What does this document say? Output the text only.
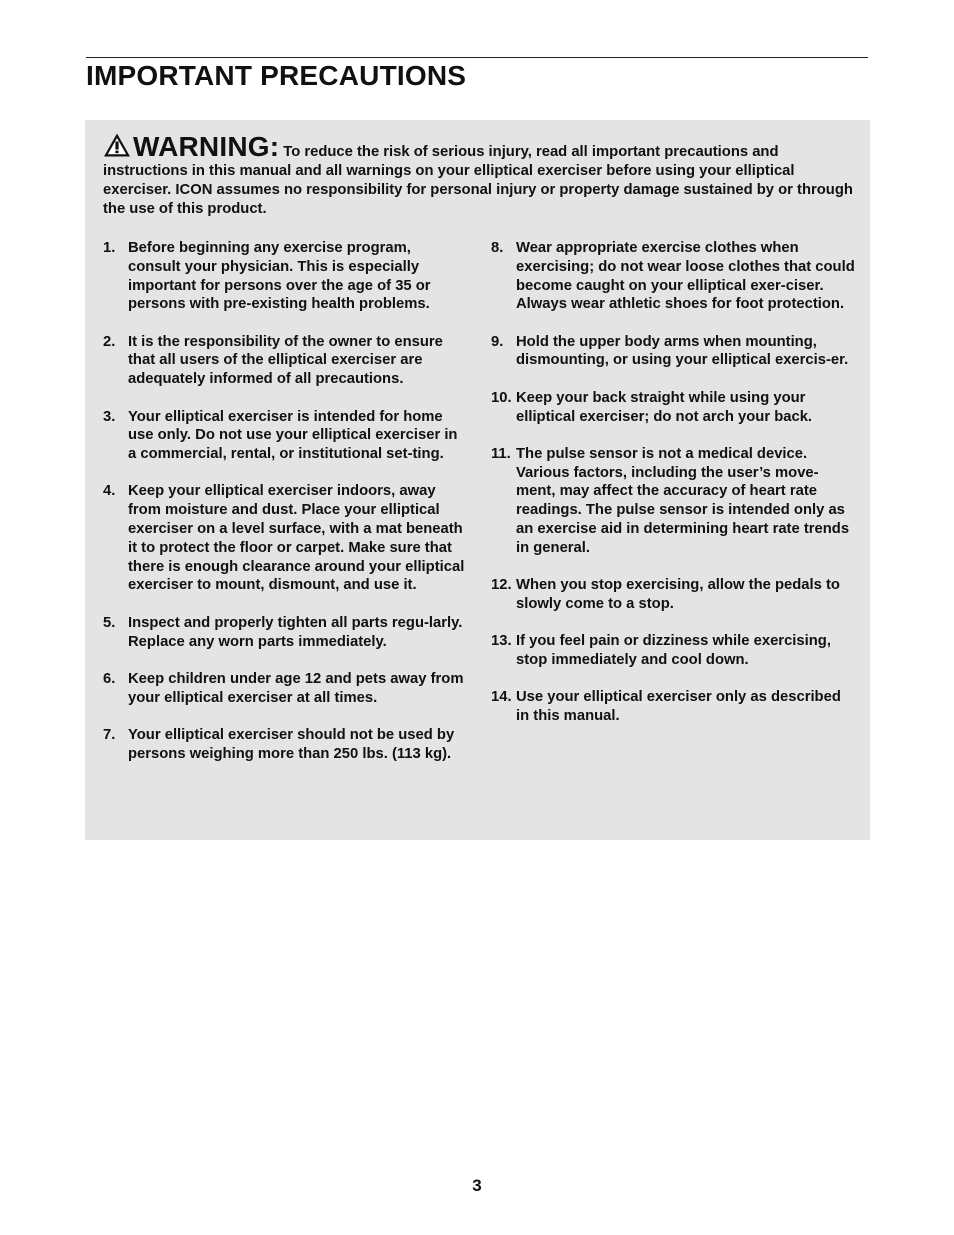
IMPORTANT PRECAUTIONS
WARNING: To reduce the risk of serious injury, read all important precautions and instructions in this manual and all warnings on your elliptical exerciser before using your elliptical exerciser. ICON assumes no responsibility for personal injury or property damage sustained by or through the use of this product.
1. Before beginning any exercise program, consult your physician. This is especially important for persons over the age of 35 or persons with pre-existing health problems.
2. It is the responsibility of the owner to ensure that all users of the elliptical exerciser are adequately informed of all precautions.
3. Your elliptical exerciser is intended for home use only. Do not use your elliptical exerciser in a commercial, rental, or institutional set-ting.
4. Keep your elliptical exerciser indoors, away from moisture and dust. Place your elliptical exerciser on a level surface, with a mat beneath it to protect the floor or carpet. Make sure that there is enough clearance around your elliptical exerciser to mount, dismount, and use it.
5. Inspect and properly tighten all parts regu-larly. Replace any worn parts immediately.
6. Keep children under age 12 and pets away from your elliptical exerciser at all times.
7. Your elliptical exerciser should not be used by persons weighing more than 250 lbs. (113 kg).
8. Wear appropriate exercise clothes when exercising; do not wear loose clothes that could become caught on your elliptical exer-ciser. Always wear athletic shoes for foot protection.
9. Hold the upper body arms when mounting, dismounting, or using your elliptical exercis-er.
10. Keep your back straight while using your elliptical exerciser; do not arch your back.
11. The pulse sensor is not a medical device. Various factors, including the user’s move-ment, may affect the accuracy of heart rate readings. The pulse sensor is intended only as an exercise aid in determining heart rate trends in general.
12. When you stop exercising, allow the pedals to slowly come to a stop.
13. If you feel pain or dizziness while exercising, stop immediately and cool down.
14. Use your elliptical exerciser only as described in this manual.
3
